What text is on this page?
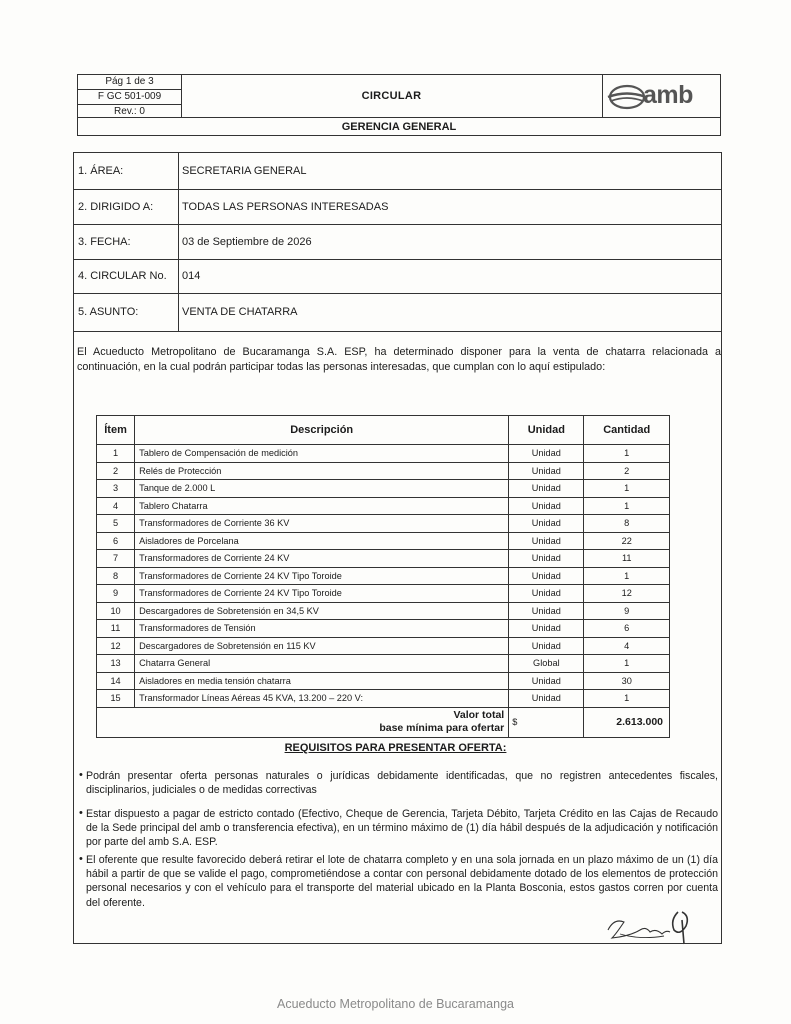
Pág 1 de 3
F GC 501-009
Rev.: 0
CIRCULAR	amb
GERENCIA GENERAL
1. ÁREA:	SECRETARIA GENERAL
2. DIRIGIDO A:	TODAS LAS PERSONAS INTERESADAS
3. FECHA:	03 de Septiembre de 2026
4. CIRCULAR No. 014
5. ASUNTO:	VENTA DE CHATARRA
El Acueducto Metropolitano de Bucaramanga S.A. ESP, ha determinado disponer para la venta de chatarra relacionada a continuación, en la cual podrán participar todas las personas interesadas, que cumplan con lo aquí estipulado:
Ítem	Descripción	Unidad	Cantidad
1	Tablero de Compensación de medición	Unidad	1
2	Relés de Protección	Unidad	2
3	Tanque de 2.000 L	Unidad	1
4	Tablero Chatarra	Unidad	1
5	Transformadores de Corriente 36 KV	Unidad	8
6	Aisladores de Porcelana	Unidad	22
7	Transformadores de Corriente 24 KV	Unidad	11
8	Transformadores de Corriente 24 KV Tipo Toroide	Unidad	1
9	Transformadores de Corriente 24 KV Tipo Toroide	Unidad	12
10	Descargadores de Sobretensión en 34,5 KV	Unidad	9
11	Transformadores de Tensión	Unidad	6
12	Descargadores de Sobretensión en 115 KV	Unidad	4
13	Chatarra General	Global	1
14	Aisladores en media tensión chatarra	Unidad	30
15	Transformador Líneas Aéreas 45 KVA, 13.200 – 220 V:	Unidad	1

Valor total
base mínima para ofertar		$	2.613.000
REQUISITOS PARA PRESENTAR OFERTA:
• Podrán presentar oferta personas naturales o jurídicas debidamente identificadas, que no registren antecedentes fiscales, disciplinarios, judiciales o de medidas correctivas
• Estar dispuesto a pagar de estricto contado (Efectivo, Cheque de Gerencia, Tarjeta Débito, Tarjeta Crédito en las Cajas de Recaudo de la Sede principal del amb o transferencia efectiva), en un término máximo de (1) día hábil después de la adjudicación y notificación por parte del amb S.A. ESP.
• El oferente que resulte favorecido deberá retirar el lote de chatarra completo y en una sola jornada en un plazo máximo de un (1) día hábil a partir de que se valide el pago, comprometiéndose a contar con personal debidamente dotado de los elementos de protección personal necesarios y con el vehículo para el transporte del material ubicado en la Planta Bosconia, estos gastos corren por cuenta del oferente.
Acueducto Metropolitano de Bucaramanga
